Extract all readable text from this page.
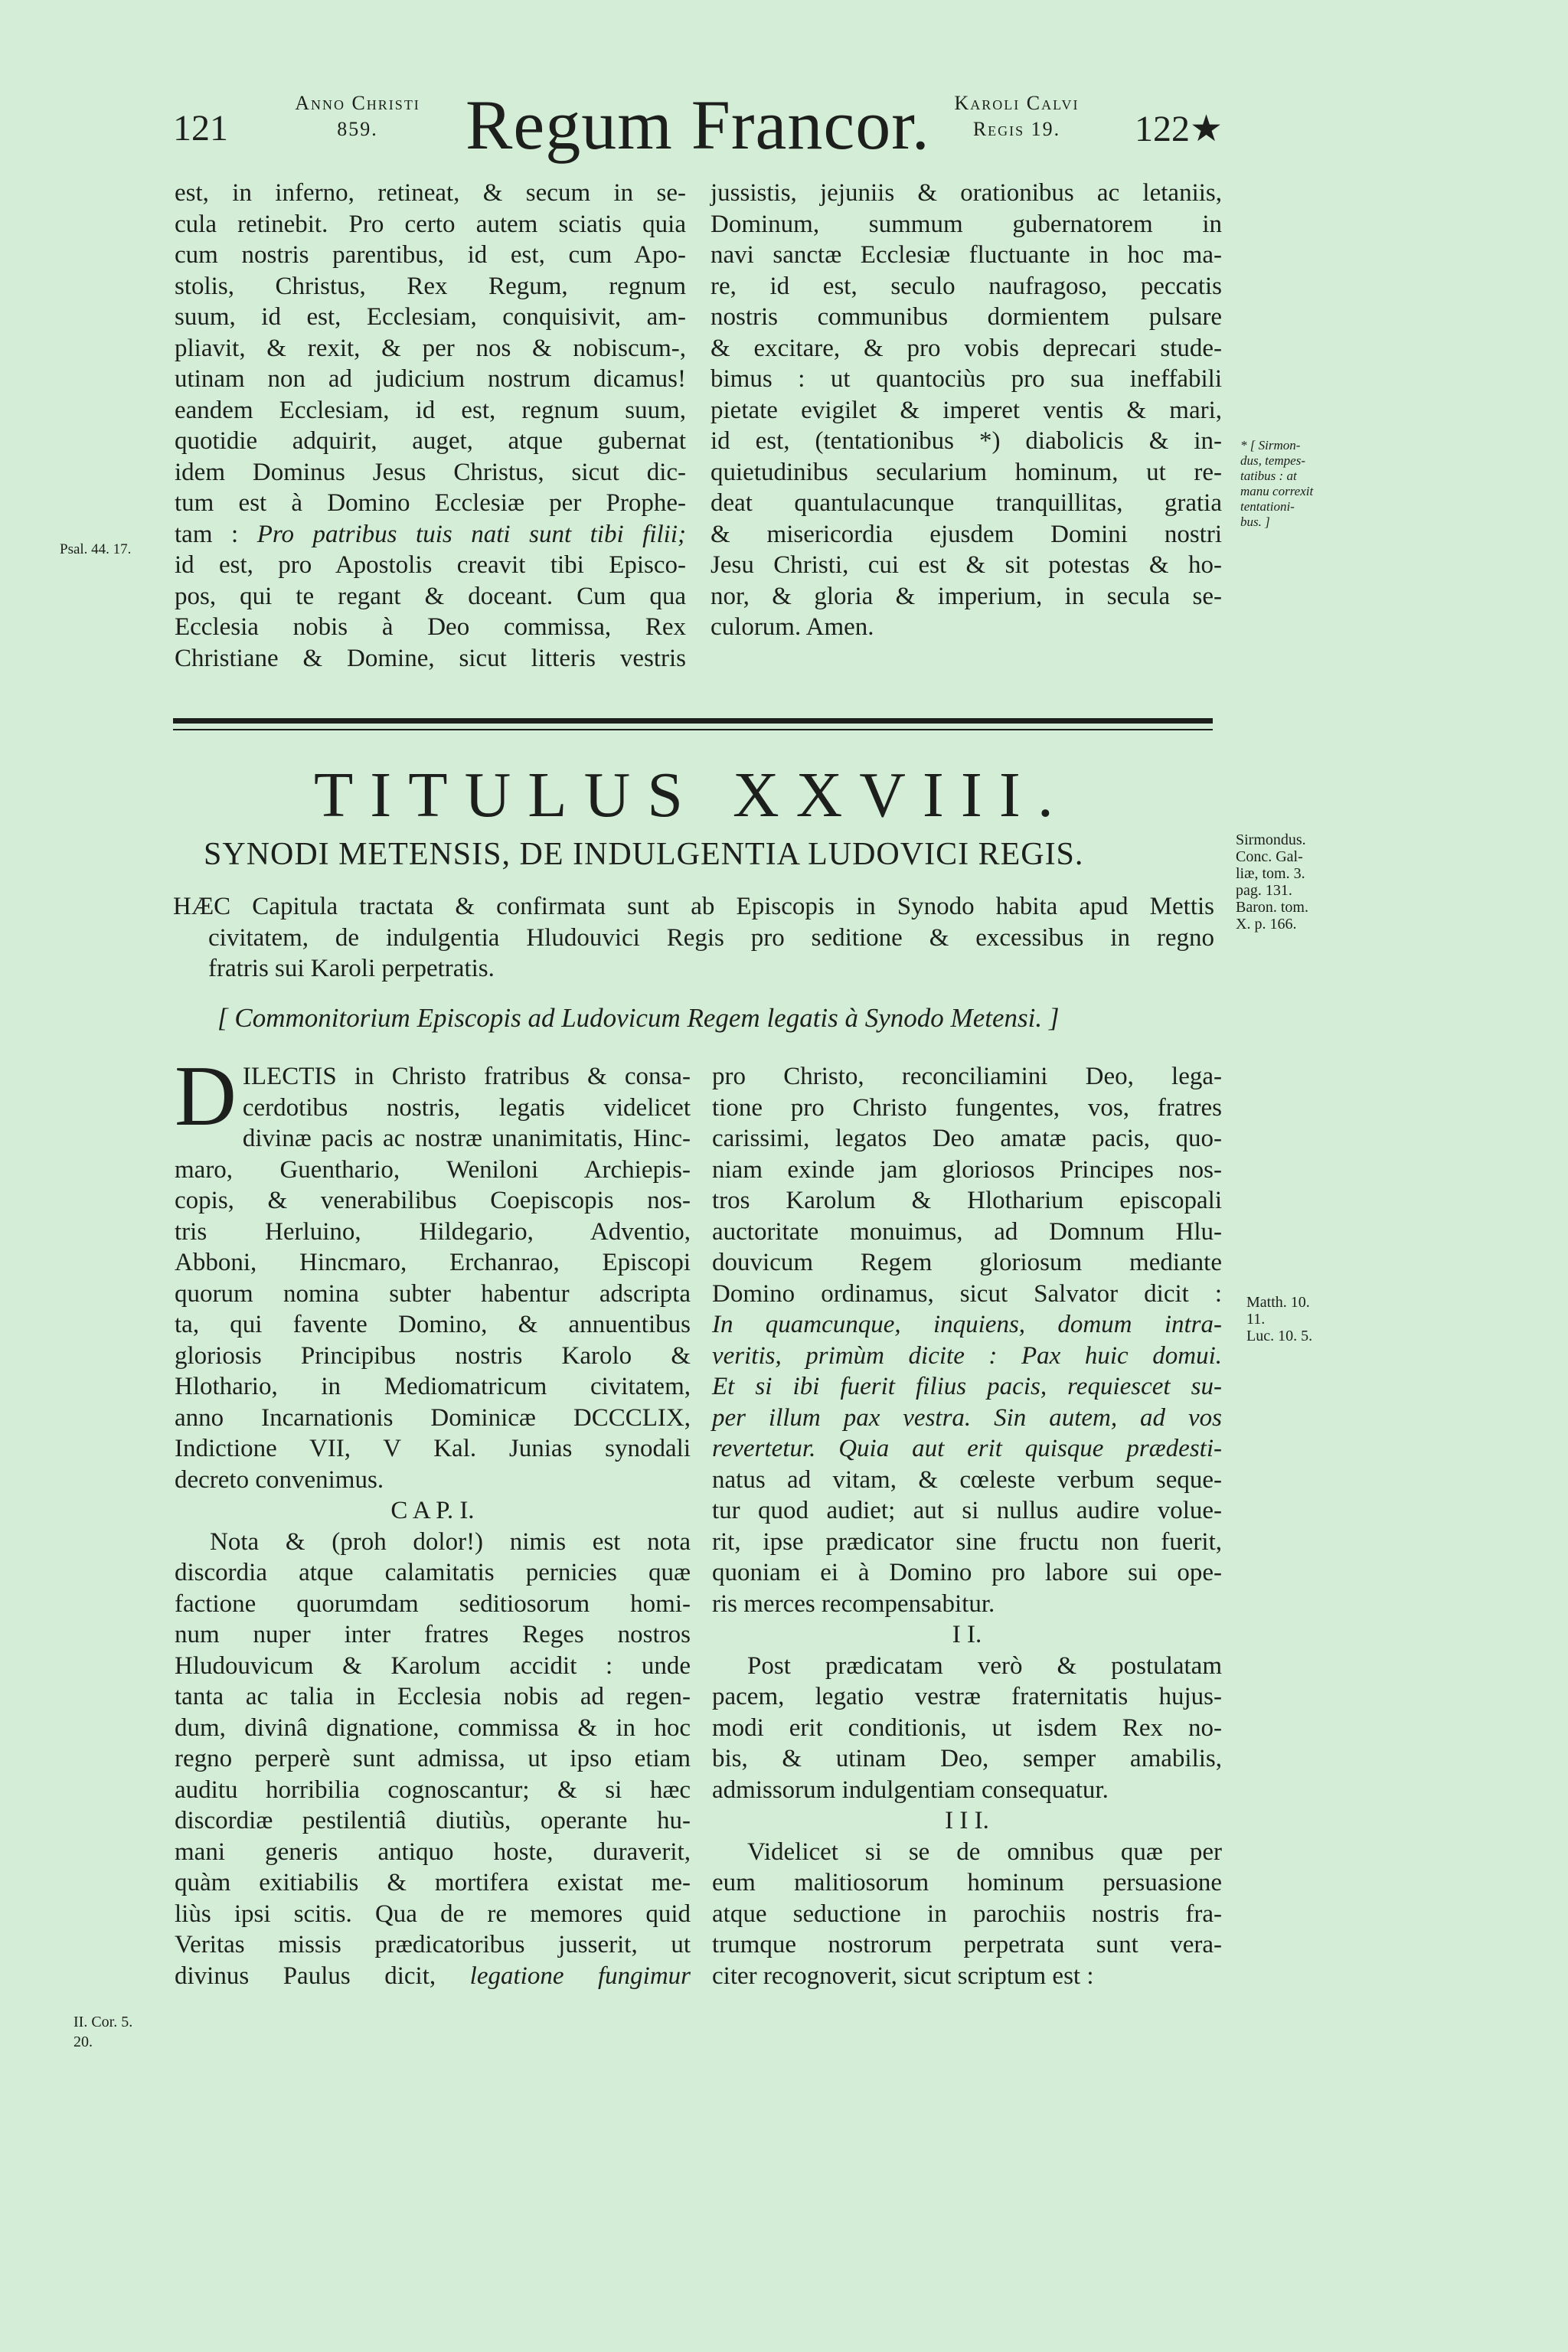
121
Anno Christi
859.	Regum Francor.	Karoli Calvi
Regis 19.	122★
est, in inferno, retineat, & secum in se-
cula retinebit. Pro certo autem sciatis quia
cum nostris parentibus, id est, cum Apo-
stolis, Christus, Rex Regum, regnum
suum, id est, Ecclesiam, conquisivit, am-
pliavit, & rexit, & per nos & nobiscum-,
utinam non ad judicium nostrum dicamus!
eandem Ecclesiam, id est, regnum suum,
quotidie adquirit, auget, atque gubernat
idem Dominus Jesus Christus, sicut dic-
tum est à Domino Ecclesiæ per Prophe-
tam : Pro patribus tuis nati sunt tibi filii;
id est, pro Apostolis creavit tibi Episco-
pos, qui te regant & doceant. Cum qua
Ecclesia nobis à Deo commissa, Rex
Christiane & Domine, sicut litteris vestris
jussistis, jejuniis & orationibus ac letaniis,
Dominum, summum gubernatorem in
navi sanctæ Ecclesiæ fluctuante in hoc ma-
re, id est, seculo naufragoso, peccatis
nostris communibus dormientem pulsare
& excitare, & pro vobis deprecari stude-
bimus : ut quantociùs pro sua ineffabili
pietate evigilet & imperet ventis & mari,
id est, (tentationibus *) diabolicis & in-
quietudinibus secularium hominum, ut re-
deat quantulacunque tranquillitas, gratia
& misericordia ejusdem Domini nostri
Jesu Christi, cui est & sit potestas & ho-
nor, & gloria & imperium, in secula se-
culorum. Amen.
Psal. 44. 17.
* [ Sirmon-
dus, tempes-
tatibus : at
manu correxit
tentationi-
bus. ]
Sirmondus.
Conc. Gal-
liæ, tom. 3.
pag. 131.
Baron. tom.
X. p. 166.
Matth. 10.
11.
Luc. 10. 5.
II. Cor. 5.
20.
TITULUS XXVIII.
SYNODI METENSIS, DE INDULGENTIA LUDOVICI REGIS.
HÆC Capitula tractata & confirmata sunt ab Episcopis in Synodo habita apud Mettis
civitatem, de indulgentia Hludouvici Regis pro seditione & excessibus in regno
fratris sui Karoli perpetratis.
[ Commonitorium Episcopis ad Ludovicum Regem legatis à Synodo Metensi. ]
D ILECTIS in Christo fratribus & consa-
cerdotibus nostris, legatis videlicet
divinæ pacis ac nostræ unanimitatis, Hinc-
maro, Guenthario, Weniloni Archiepis-
copis, & venerabilibus Coepiscopis nos-
tris Herluino, Hildegario, Adventio,
Abboni, Hincmaro, Erchanrao, Episcopi
quorum nomina subter habentur adscripta
ta, qui favente Domino, & annuentibus
gloriosis Principibus nostris Karolo &
Hlothario, in Mediomatricum civitatem,
anno Incarnationis Dominicæ DCCCLIX,
Indictione VII, V Kal. Junias synodali
decreto convenimus.
C A P. I.
Nota & (proh dolor!) nimis est nota
discordia atque calamitatis pernicies quæ
factione quorumdam seditiosorum homi-
num nuper inter fratres Reges nostros
Hludouvicum & Karolum accidit : unde
tanta ac talia in Ecclesia nobis ad regen-
dum, divinâ dignatione, commissa & in hoc
regno perperè sunt admissa, ut ipso etiam
auditu horribilia cognoscantur; & si hæc
discordiæ pestilentiâ diutiùs, operante hu-
mani generis antiquo hoste, duraverit,
quàm exitiabilis & mortifera existat me-
liùs ipsi scitis. Qua de re memores quid
Veritas missis prædicatoribus jusserit, ut
divinus Paulus dicit, legatione fungimur
pro Christo, reconciliamini Deo, lega-
tione pro Christo fungentes, vos, fratres
carissimi, legatos Deo amatæ pacis, quo-
niam exinde jam gloriosos Principes nos-
tros Karolum & Hlotharium episcopali
auctoritate monuimus, ad Domnum Hlu-
douvicum Regem gloriosum mediante
Domino ordinamus, sicut Salvator dicit :
In quamcunque, inquiens, domum intra-
veritis, primùm dicite : Pax huic domui.
Et si ibi fuerit filius pacis, requiescet su-
per illum pax vestra. Sin autem, ad vos
revertetur. Quia aut erit quisque prædesti-
natus ad vitam, & cœleste verbum seque-
tur quod audiet; aut si nullus audire volue-
rit, ipse prædicator sine fructu non fuerit,
quoniam ei à Domino pro labore sui ope-
ris merces recompensabitur.
I I.
Post prædicatam verò & postulatam
pacem, legatio vestræ fraternitatis hujus-
modi erit conditionis, ut isdem Rex no-
bis, & utinam Deo, semper amabilis,
admissorum indulgentiam consequatur.
I I I.
Videlicet si se de omnibus quæ per
eum malitiosorum hominum persuasione
atque seductione in parochiis nostris fra-
trumque nostrorum perpetrata sunt vera-
citer recognoverit, sicut scriptum est :
